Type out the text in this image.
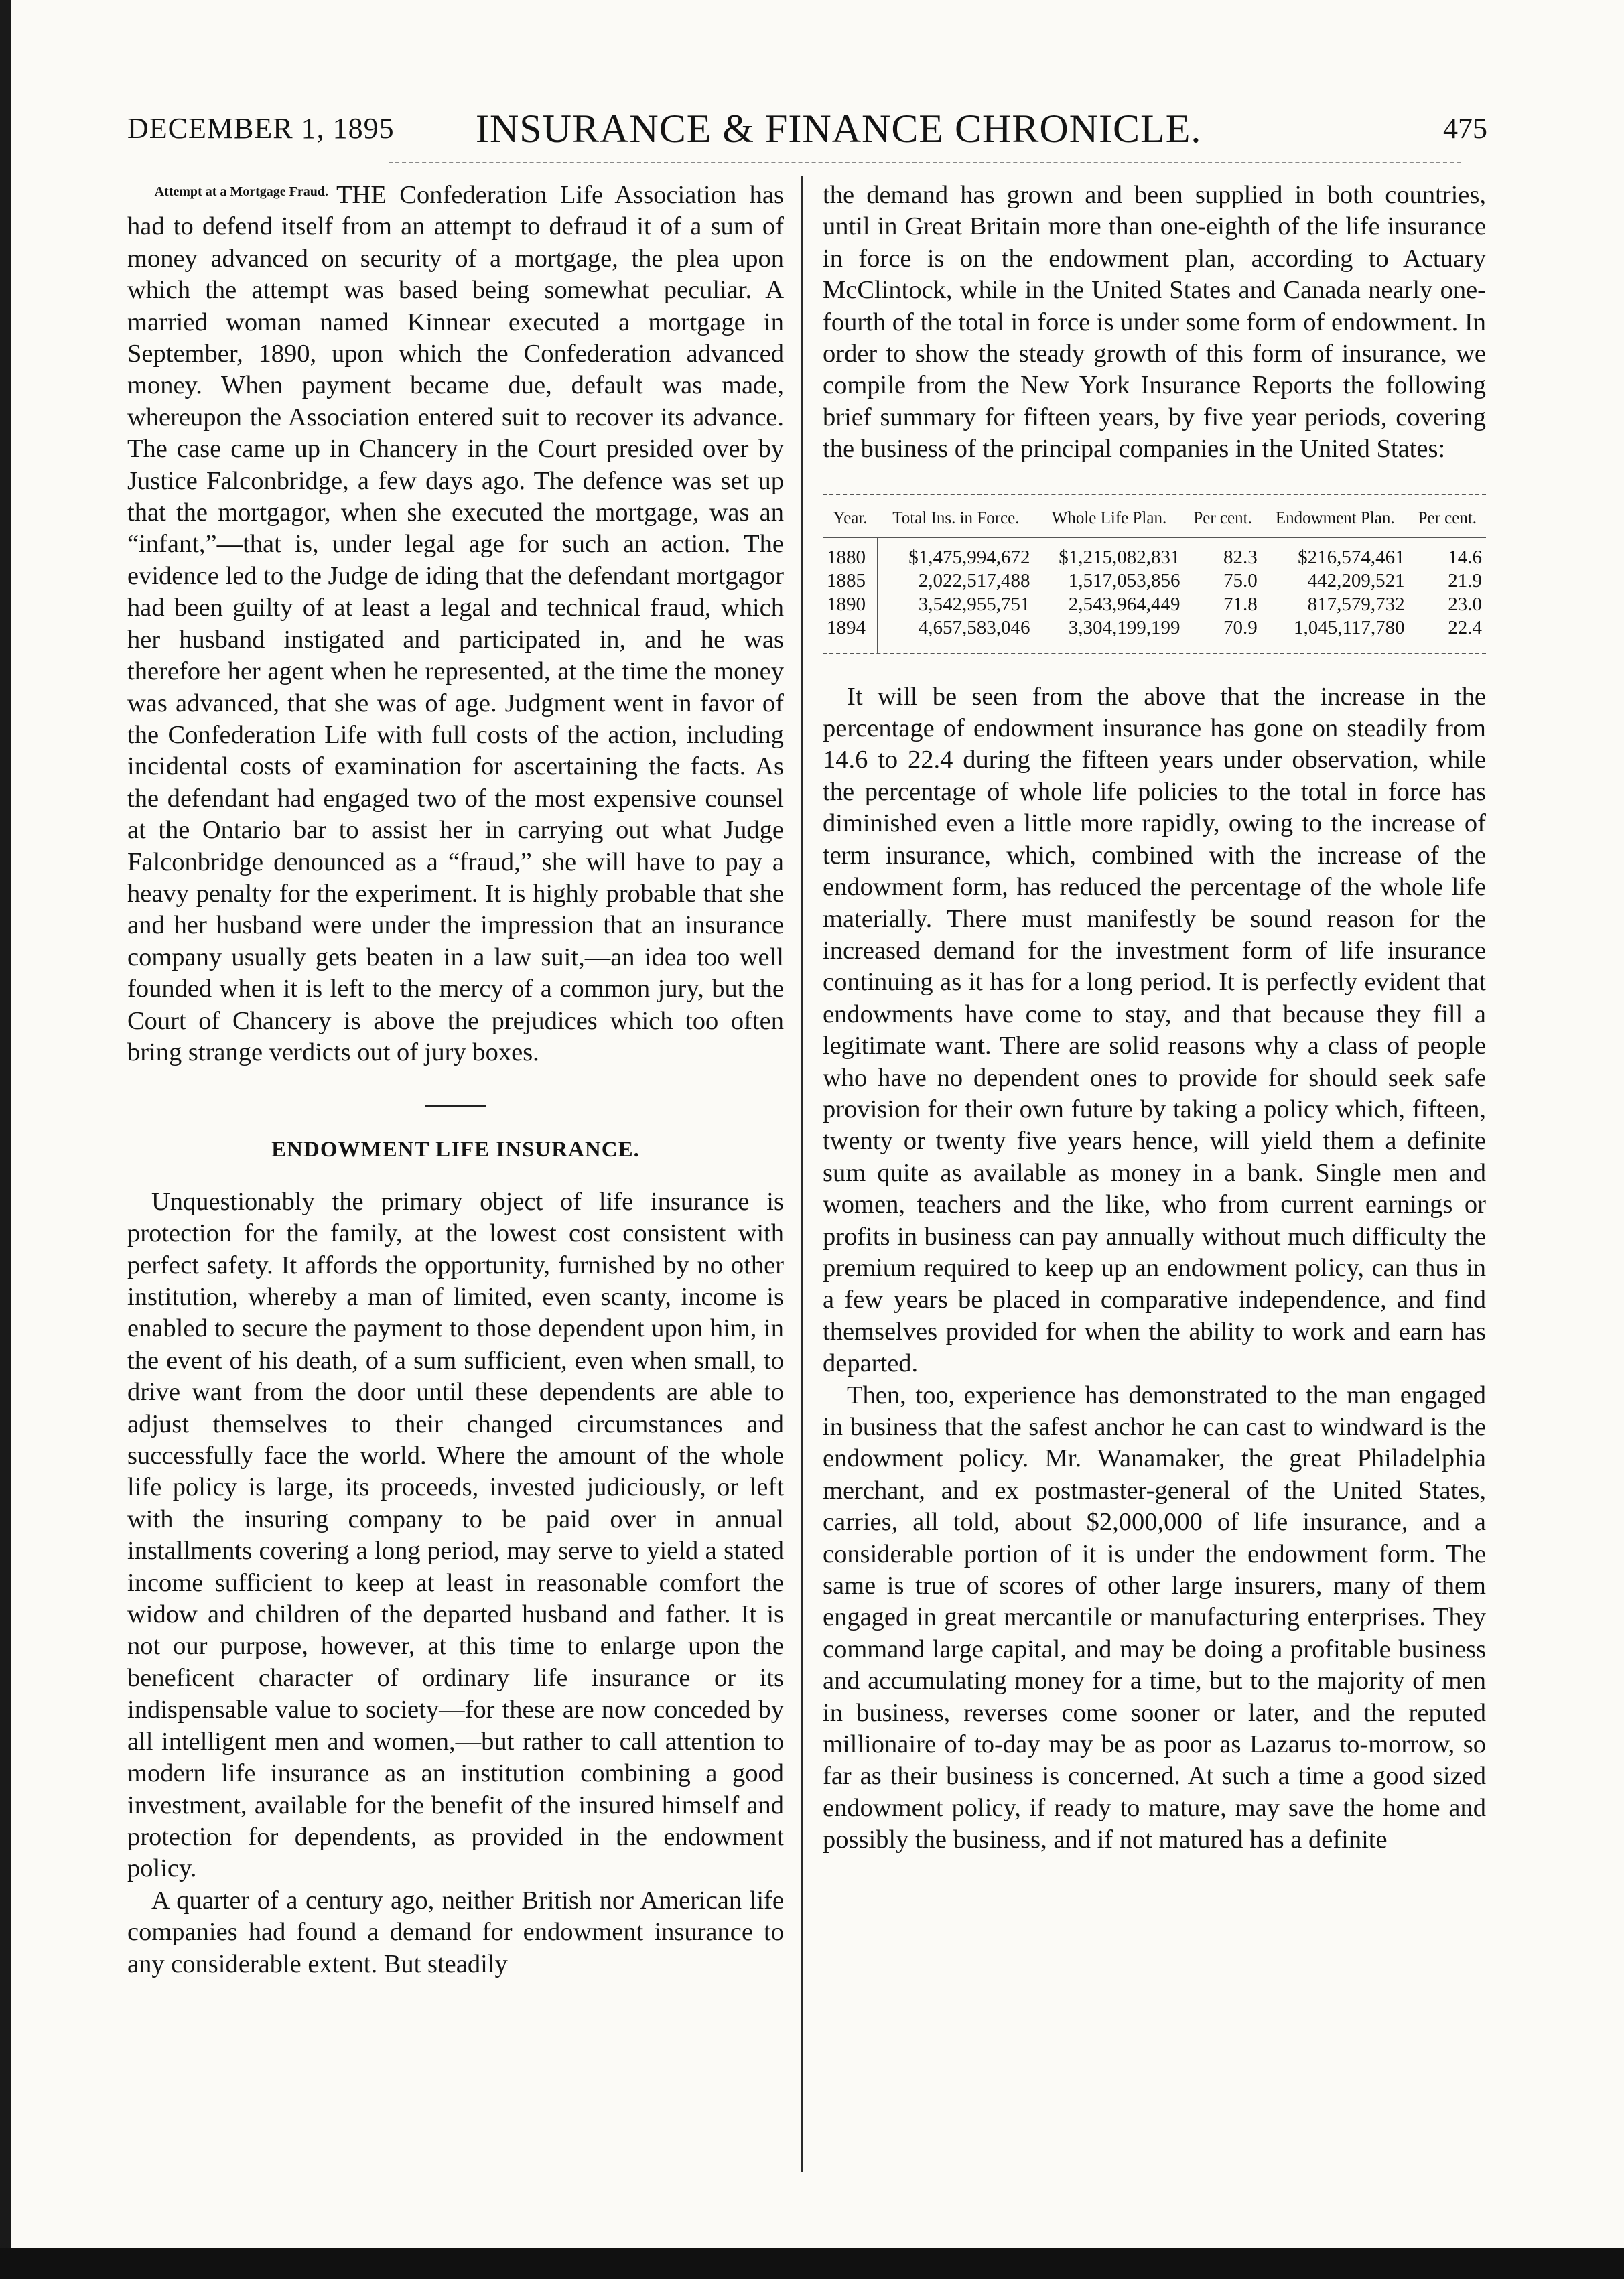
DECEMBER 1, 1895 INSURANCE & FINANCE CHRONICLE.	475
Attempt at a Mortgage Fraud. THE Confederation Life Association has had to defend itself from an attempt to defraud it of a sum of money advanced on security of a mortgage, the plea upon which the attempt was based being somewhat peculiar. A married woman named Kinnear executed a mortgage in September, 1890, upon which the Confederation advanced money. When payment became due, default was made, whereupon the Association entered suit to recover its advance. The case came up in Chancery in the Court presided over by Justice Falconbridge, a few days ago. The defence was set up that the mortgagor, when she executed the mortgage, was an “infant,”—that is, under legal age for such an action. The evidence led to the Judge de iding that the defendant mortgagor had been guilty of at least a legal and technical fraud, which her husband instigated and participated in, and he was therefore her agent when he represented, at the time the money was advanced, that she was of age. Judgment went in favor of the Confederation Life with full costs of the action, including incidental costs of examination for ascertaining the facts. As the defendant had engaged two of the most expensive counsel at the Ontario bar to assist her in carrying out what Judge Falconbridge denounced as a “fraud,” she will have to pay a heavy penalty for the experiment. It is highly probable that she and her husband were under the impression that an insurance company usually gets beaten in a law suit,—an idea too well founded when it is left to the mercy of a common jury, but the Court of Chancery is above the prejudices which too often bring strange verdicts out of jury boxes.

ENDOWMENT LIFE INSURANCE.

Unquestionably the primary object of life insurance is protection for the family, at the lowest cost consistent with perfect safety. It affords the opportunity, furnished by no other institution, whereby a man of limited, even scanty, income is enabled to secure the payment to those dependent upon him, in the event of his death, of a sum sufficient, even when small, to drive want from the door until these dependents are able to adjust themselves to their changed circumstances and successfully face the world. Where the amount of the whole life policy is large, its proceeds, invested judiciously, or left with the insuring company to be paid over in annual installments covering a long period, may serve to yield a stated income sufficient to keep at least in reasonable comfort the widow and children of the departed husband and father. It is not our purpose, however, at this time to enlarge upon the beneficent character of ordinary life insurance or its indispensable value to society—for these are now conceded by all intelligent men and women,—but rather to call attention to modern life insurance as an institution combining a good investment, available for the benefit of the insured himself and protection for dependents, as provided in the endowment policy.

A quarter of a century ago, neither British nor American life companies had found a demand for endowment insurance to any considerable extent. But steadily

the demand has grown and been supplied in both countries, until in Great Britain more than one-eighth of the life insurance in force is on the endowment plan, according to Actuary McClintock, while in the United States and Canada nearly one-fourth of the total in force is under some form of endowment. In order to show the steady growth of this form of insurance, we compile from the New York Insurance Reports the following brief summary for fifteen years, by five year periods, covering the business of the principal companies in the United States:

Year.	Total Ins. in Force.	Whole Life Plan.	Per cent.	Endowment Plan.	Per cent.
1880	$1,475,994,672	$1,215,082,831	82.3	$216,574,461	14.6
1885	2,022,517,488	1,517,053,856	75.0	442,209,521	21.9
1890	3,542,955,751	2,543,964,449	71.8	817,579,732	23.0
1894	4,657,583,046	3,304,199,199	70.9	1,045,117,780	22.4

It will be seen from the above that the increase in the percentage of endowment insurance has gone on steadily from 14.6 to 22.4 during the fifteen years under observation, while the percentage of whole life policies to the total in force has diminished even a little more rapidly, owing to the increase of term insurance, which, combined with the increase of the endowment form, has reduced the percentage of the whole life materially. There must manifestly be sound reason for the increased demand for the investment form of life insurance continuing as it has for a long period. It is perfectly evident that endowments have come to stay, and that because they fill a legitimate want. There are solid reasons why a class of people who have no dependent ones to provide for should seek safe provision for their own future by taking a policy which, fifteen, twenty or twenty five years hence, will yield them a definite sum quite as available as money in a bank. Single men and women, teachers and the like, who from current earnings or profits in business can pay annually without much difficulty the premium required to keep up an endowment policy, can thus in a few years be placed in comparative independence, and find themselves provided for when the ability to work and earn has departed.

Then, too, experience has demonstrated to the man engaged in business that the safest anchor he can cast to windward is the endowment policy. Mr. Wanamaker, the great Philadelphia merchant, and ex postmaster-general of the United States, carries, all told, about $2,000,000 of life insurance, and a considerable portion of it is under the endowment form. The same is true of scores of other large insurers, many of them engaged in great mercantile or manufacturing enterprises. They command large capital, and may be doing a profitable business and accumulating money for a time, but to the majority of men in business, reverses come sooner or later, and the reputed millionaire of to-day may be as poor as Lazarus to-morrow, so far as their business is concerned. At such a time a good sized endowment policy, if ready to mature, may save the home and possibly the business, and if not matured has a definite
